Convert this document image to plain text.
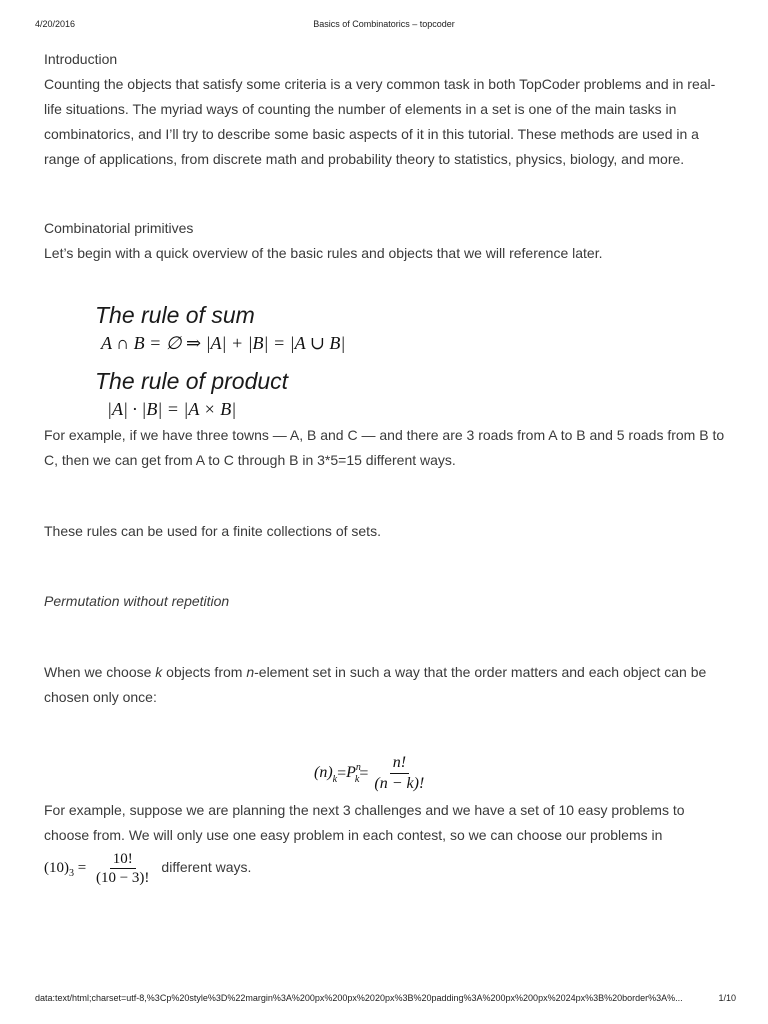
4/20/2016	Basics of Combinatorics – topcoder

Introduction

Counting the objects that satisfy some criteria is a very common task in both TopCoder problems and in real-life situations. The myriad ways of counting the number of elements in a set is one of the main tasks in combinatorics, and I’ll try to describe some basic aspects of it in this tutorial. These methods are used in a range of applications, from discrete math and probability theory to statistics, physics, biology, and more.

Combinatorial primitives

Let’s begin with a quick overview of the basic rules and objects that we will reference later.

The rule of sum
A ∩ B = ∅ ⇒ |A| + |B| = |A ∪ B|
The rule of product
|A| · |B| = |A × B|

For example, if we have three towns — A, B and C — and there are 3 roads from A to B and 5 roads from B to C, then we can get from A to C through B in 3*5=15 different ways.

These rules can be used for a finite collections of sets.

Permutation without repetition

When we choose k objects from n-element set in such a way that the order matters and each object can be chosen only once:

$(n)_k = P^n_k = \frac{n!}{(n - k)!}$

For example, suppose we are planning the next 3 challenges and we have a set of 10 easy problems to choose from. We will only use one easy problem in each contest, so we can choose our problems in

(10) $3 = \frac{10!}{(10 - 3)!}$ different ways.

data:text/html;charset=utf-8,%3Cp%20style%3D%22margin%3A%200px%200px%2020px%3B%20padding%3A%200px%200px%2024px%3B%20border%3A%...	1/10
